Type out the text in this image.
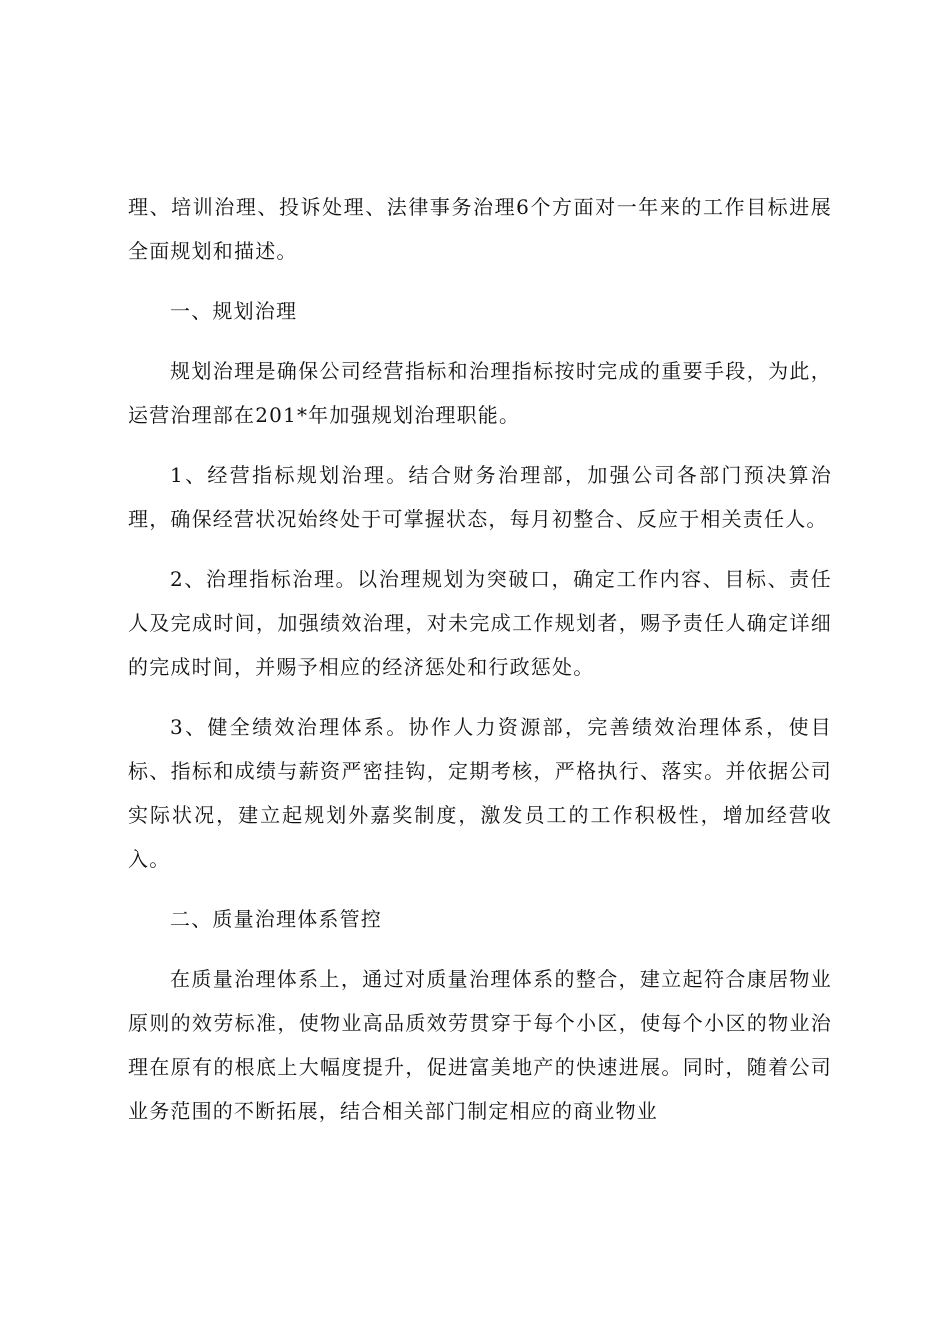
理、培训治理、投诉处理、法律事务治理6个方面对一年来的工作目标进展全面规划和描述。

一、规划治理

规划治理是确保公司经营指标和治理指标按时完成的重要手段，为此，运营治理部在201*年加强规划治理职能。

1、经营指标规划治理。结合财务治理部，加强公司各部门预决算治理，确保经营状况始终处于可掌握状态，每月初整合、反应于相关责任人。

2、治理指标治理。以治理规划为突破口，确定工作内容、目标、责任人及完成时间，加强绩效治理，对未完成工作规划者，赐予责任人确定详细的完成时间，并赐予相应的经济惩处和行政惩处。

3、健全绩效治理体系。协作人力资源部，完善绩效治理体系，使目标、指标和成绩与薪资严密挂钩，定期考核，严格执行、落实。并依据公司实际状况，建立起规划外嘉奖制度，激发员工的工作积极性，增加经营收入。

二、质量治理体系管控

在质量治理体系上，通过对质量治理体系的整合，建立起符合康居物业原则的效劳标准，使物业高品质效劳贯穿于每个小区，使每个小区的物业治理在原有的根底上大幅度提升，促进富美地产的快速进展。同时，随着公司业务范围的不断拓展，结合相关部门制定相应的商业物业
